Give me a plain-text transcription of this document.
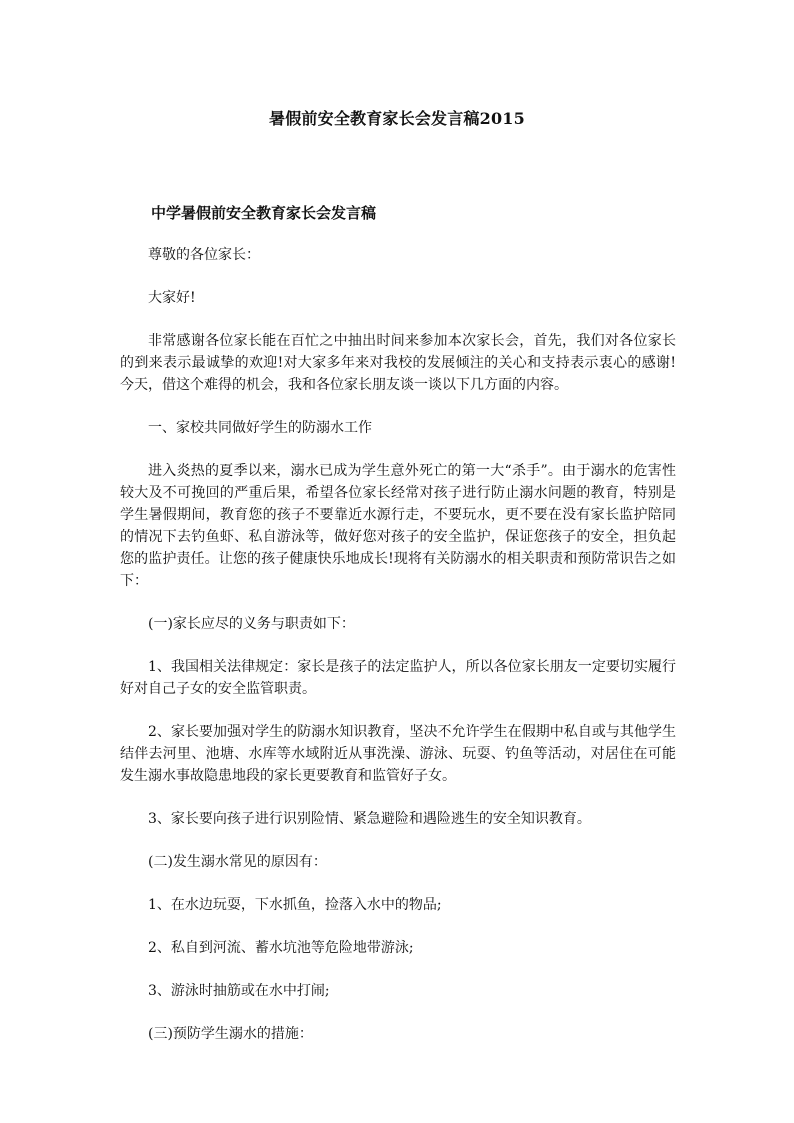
暑假前安全教育家长会发言稿2015
中学暑假前安全教育家长会发言稿

尊敬的各位家长：

大家好!

非常感谢各位家长能在百忙之中抽出时间来参加本次家长会，首先，我们对各位家长的到来表示最诚挚的欢迎!对大家多年来对我校的发展倾注的关心和支持表示衷心的感谢!今天，借这个难得的机会，我和各位家长朋友谈一谈以下几方面的内容。

一、家校共同做好学生的防溺水工作

进入炎热的夏季以来，溺水已成为学生意外死亡的第一大“杀手”。由于溺水的危害性较大及不可挽回的严重后果，希望各位家长经常对孩子进行防止溺水问题的教育，特别是学生暑假期间，教育您的孩子不要靠近水源行走，不要玩水，更不要在没有家长监护陪同的情况下去钓鱼虾、私自游泳等，做好您对孩子的安全监护，保证您孩子的安全，担负起您的监护责任。让您的孩子健康快乐地成长!现将有关防溺水的相关职责和预防常识告之如下：

(一)家长应尽的义务与职责如下：

1、我国相关法律规定：家长是孩子的法定监护人，所以各位家长朋友一定要切实履行好对自己子女的安全监管职责。

2、家长要加强对学生的防溺水知识教育，坚决不允许学生在假期中私自或与其他学生结伴去河里、池塘、水库等水域附近从事洗澡、游泳、玩耍、钓鱼等活动，对居住在可能发生溺水事故隐患地段的家长更要教育和监管好子女。

3、家长要向孩子进行识别险情、紧急避险和遇险逃生的安全知识教育。

(二)发生溺水常见的原因有：

1、在水边玩耍，下水抓鱼，捡落入水中的物品;

2、私自到河流、蓄水坑池等危险地带游泳;

3、游泳时抽筋或在水中打闹;

(三)预防学生溺水的措施：
